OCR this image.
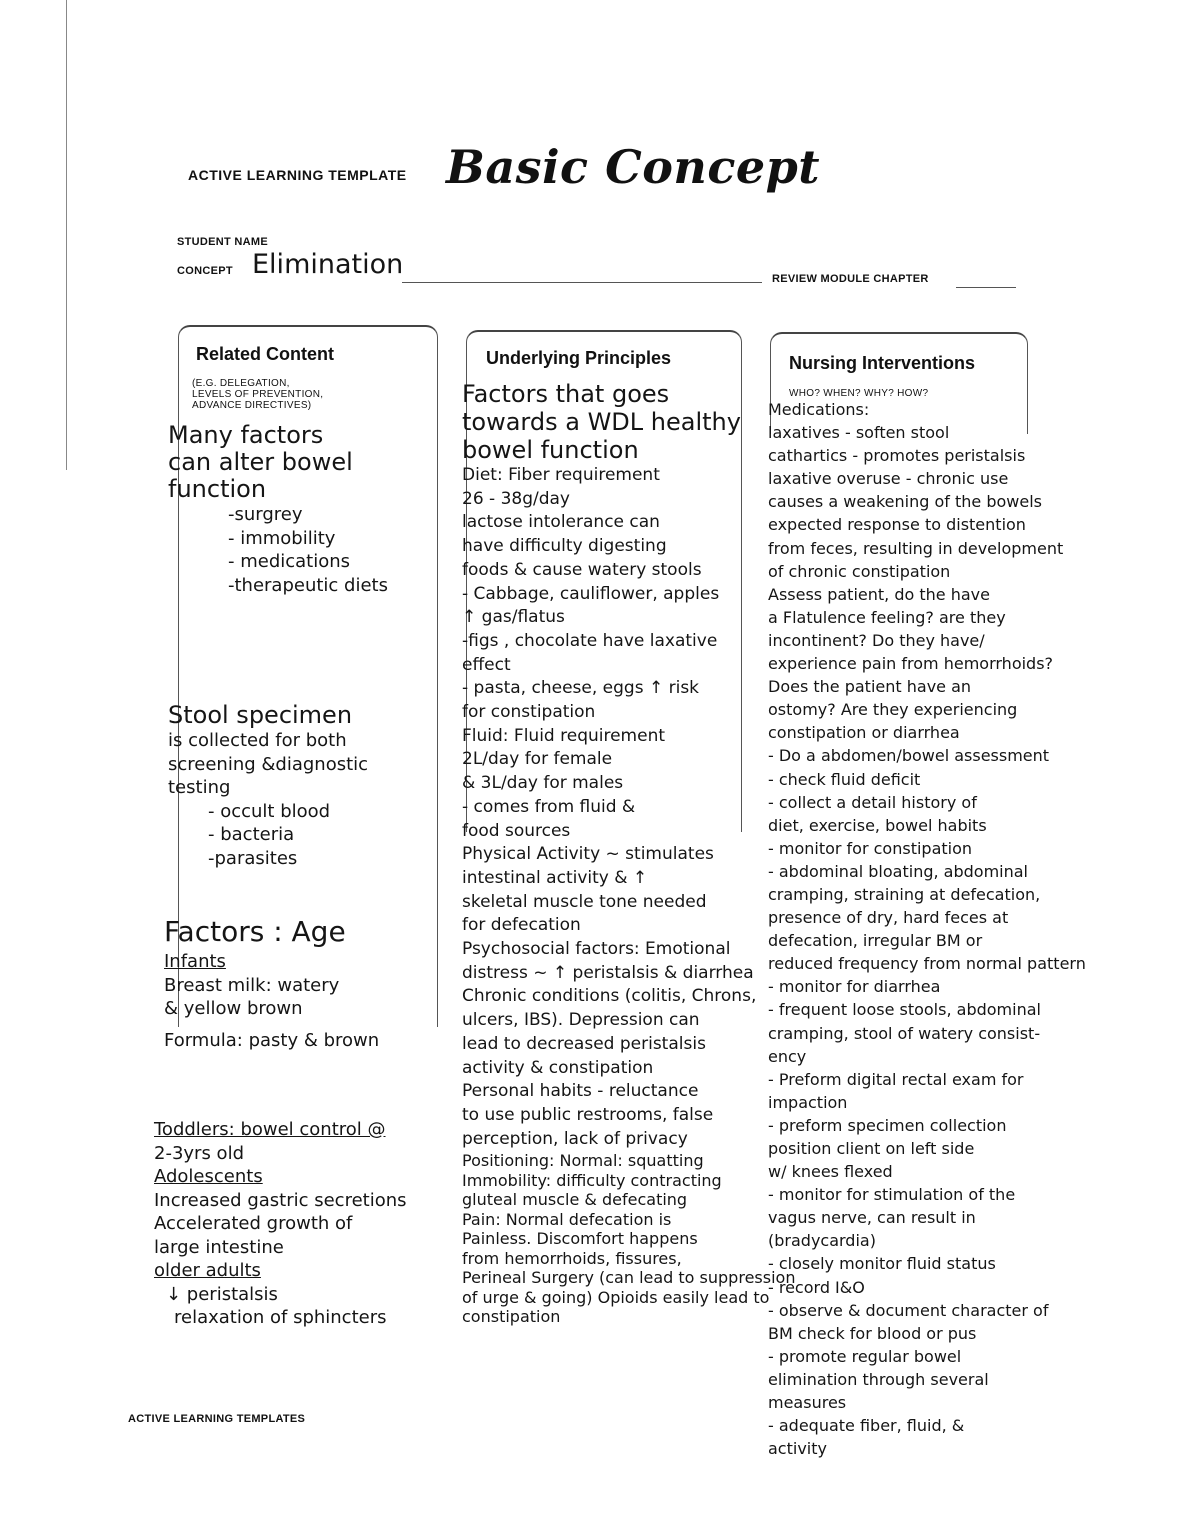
ACTIVE LEARNING TEMPLATE Basic Concept
STUDENT NAME
CONCEPT Elimination	REVIEW MODULE CHAPTER
Related Content
(E.G. DELEGATION,
LEVELS OF PREVENTION,
ADVANCE DIRECTIVES)
Underlying Principles	Nursing Interventions
WHO? WHEN? WHY? HOW?
Many factors
can alter bowel
function
-surgrey
- immobility
- medications
-therapeutic diets
Stool specimen
is collected for both
screening &diagnostic
testing
- occult blood
- bacteria
-parasites
Factors : Age
Infants
Breast milk: watery
& yellow brown
Formula: pasty & brown
Toddlers: bowel control @
2-3yrs old
Adolescents
Increased gastric secretions
Accelerated growth of
large intestine
older adults
↓ peristalsis
relaxation of sphincters
Factors that goes
towards a WDL healthy
bowel function
Diet: Fiber requirement
26 - 38g/day
lactose intolerance can
have difficulty digesting
foods & cause watery stools
- Cabbage, cauliflower, apples
↑ gas/flatus
-figs , chocolate have laxative
effect
- pasta, cheese, eggs ↑ risk
for constipation
Fluid: Fluid requirement
2L/day for female
& 3L/day for males
- comes from fluid &
food sources
Physical Activity ~ stimulates
intestinal activity & ↑
skeletal muscle tone needed
for defecation
Psychosocial factors: Emotional
distress ~ ↑ peristalsis & diarrhea
Chronic conditions (colitis, Chrons,
ulcers, IBS). Depression can
lead to decreased peristalsis
activity & constipation
Personal habits - reluctance
to use public restrooms, false
perception, lack of privacy
Positioning: Normal: squatting
Immobility: difficulty contracting
gluteal muscle & defecating
Pain: Normal defecation is
Painless. Discomfort happens
from hemorrhoids, fissures,
Perineal Surgery (can lead to suppression
of urge & going) Opioids easily lead to
constipation
Medications:
laxatives - soften stool
cathartics - promotes peristalsis
laxative overuse - chronic use
causes a weakening of the bowels
expected response to distention
from feces, resulting in development
of chronic constipation
Assess patient, do the have
a Flatulence feeling? are they
incontinent? Do they have/
experience pain from hemorrhoids?
Does the patient have an
ostomy? Are they experiencing
constipation or diarrhea
- Do a abdomen/bowel assessment
- check fluid deficit
- collect a detail history of
diet, exercise, bowel habits
- monitor for constipation
- abdominal bloating, abdominal
cramping, straining at defecation,
presence of dry, hard feces at
defecation, irregular BM or
reduced frequency from normal pattern
- monitor for diarrhea
- frequent loose stools, abdominal
cramping, stool of watery consist-
ency
- Preform digital rectal exam for
impaction
- preform specimen collection
position client on left side
w/ knees flexed
- monitor for stimulation of the
vagus nerve, can result in
(bradycardia)
- closely monitor fluid status
- record I&O
- observe & document character of
BM check for blood or pus
- promote regular bowel
elimination through several
measures
- adequate fiber, fluid, &
activity
ACTIVE LEARNING TEMPLATES
